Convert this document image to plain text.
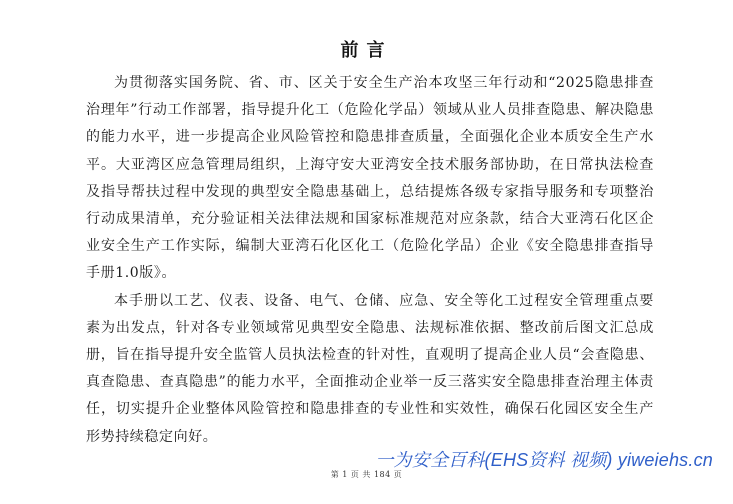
前言

为贯彻落实国务院、省、市、区关于安全生产治本攻坚三年行动和“2025隐患排查治理年”行动工作部署，指导提升化工（危险化学品）领域从业人员排查隐患、解决隐患的能力水平，进一步提高企业风险管控和隐患排查质量，全面强化企业本质安全生产水平。大亚湾区应急管理局组织，上海守安大亚湾安全技术服务部协助，在日常执法检查及指导帮扶过程中发现的典型安全隐患基础上，总结提炼各级专家指导服务和专项整治行动成果清单，充分验证相关法律法规和国家标准规范对应条款，结合大亚湾石化区企业安全生产工作实际，编制大亚湾石化区化工（危险化学品）企业《安全隐患排查指导手册1.0版》。

本手册以工艺、仪表、设备、电气、仓储、应急、安全等化工过程安全管理重点要素为出发点，针对各专业领域常见典型安全隐患、法规标准依据、整改前后图文汇总成册，旨在指导提升安全监管人员执法检查的针对性，直观明了提高企业人员“会查隐患、真查隐患、查真隐患”的能力水平，全面推动企业举一反三落实安全隐患排查治理主体责任，切实提升企业整体风险管控和隐患排查的专业性和实效性，确保石化园区安全生产形势持续稳定向好。

一为安全百科(EHS资料 视频) yiweiehs.cn
第 1 页 共 184 页
